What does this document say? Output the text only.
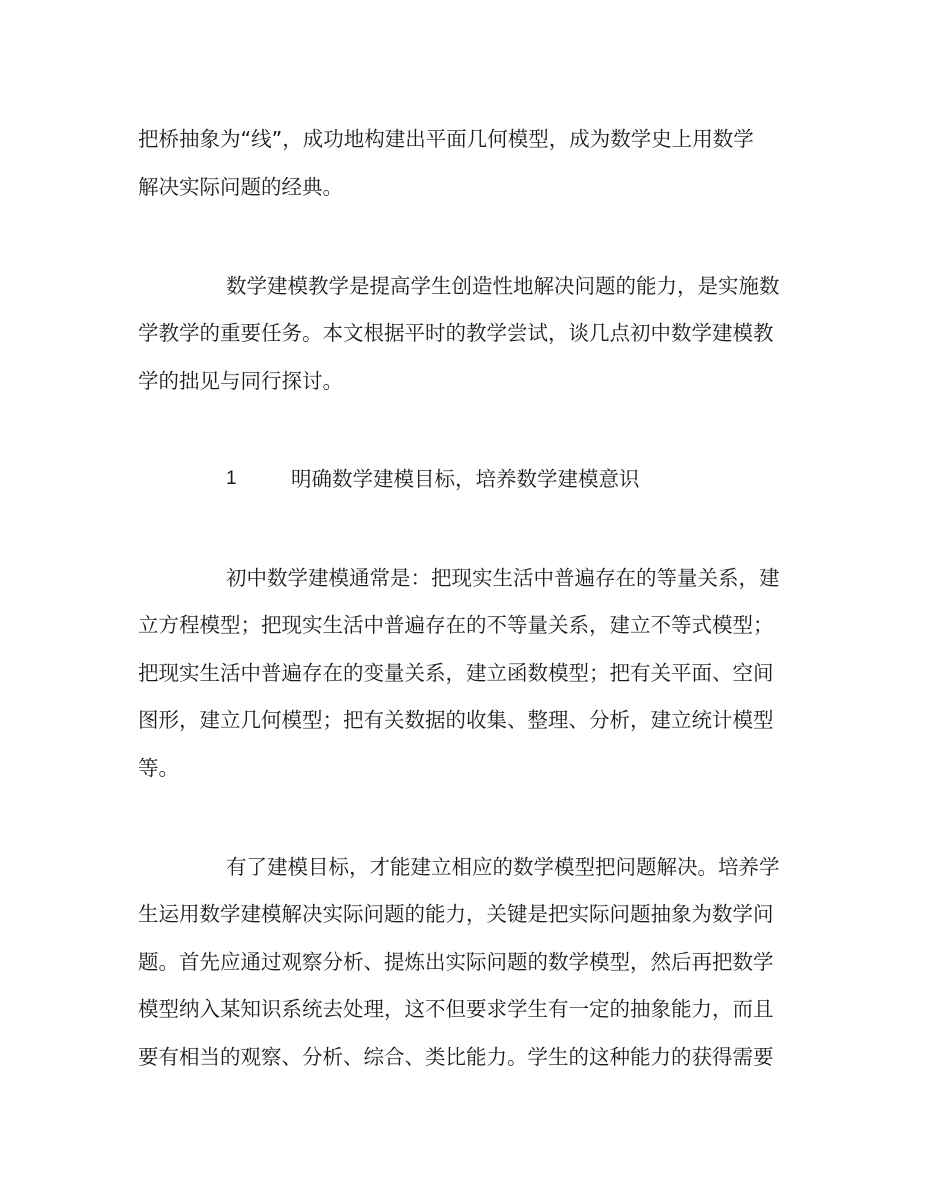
把桥抽象为“线”，成功地构建出平面几何模型，成为数学史上用数学
解决实际问题的经典。
数学建模教学是提高学生创造性地解决问题的能力，是实施数
学教学的重要任务。本文根据平时的教学尝试，谈几点初中数学建模教
学的拙见与同行探讨。
1	明确数学建模目标，培养数学建模意识
初中数学建模通常是：把现实生活中普遍存在的等量关系，建
立方程模型；把现实生活中普遍存在的不等量关系，建立不等式模型；
把现实生活中普遍存在的变量关系，建立函数模型；把有关平面、空间
图形，建立几何模型；把有关数据的收集、整理、分析，建立统计模型
等。
有了建模目标，才能建立相应的数学模型把问题解决。培养学
生运用数学建模解决实际问题的能力，关键是把实际问题抽象为数学问
题。首先应通过观察分析、提炼出实际问题的数学模型，然后再把数学
模型纳入某知识系统去处理，这不但要求学生有一定的抽象能力，而且
要有相当的观察、分析、综合、类比能力。学生的这种能力的获得需要
